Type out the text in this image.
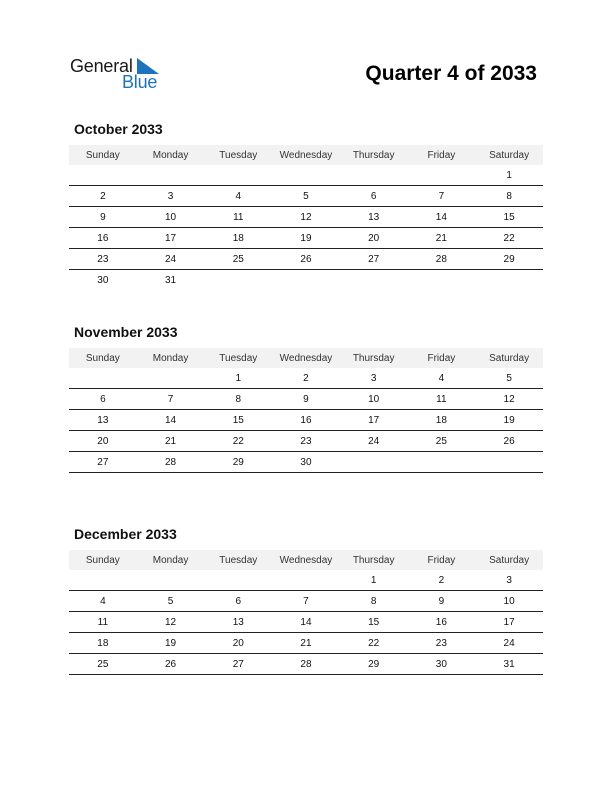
General
Blue	Quarter 4 of 2033
October 2033
Sunday	Monday	Tuesday	Wednesday	Thursday	Friday	Saturday
						1
2	3	4	5	6	7	8
9	10	11	12	13	14	15
16	17	18	19	20	21	22
23	24	25	26	27	28	29
30	31					
November 2033
Sunday	Monday	Tuesday	Wednesday	Thursday	Friday	Saturday
		1	2	3	4	5
6	7	8	9	10	11	12
13	14	15	16	17	18	19
20	21	22	23	24	25	26
27	28	29	30			
December 2033
Sunday	Monday	Tuesday	Wednesday	Thursday	Friday	Saturday
				1	2	3
4	5	6	7	8	9	10
11	12	13	14	15	16	17
18	19	20	21	22	23	24
25	26	27	28	29	30	31
